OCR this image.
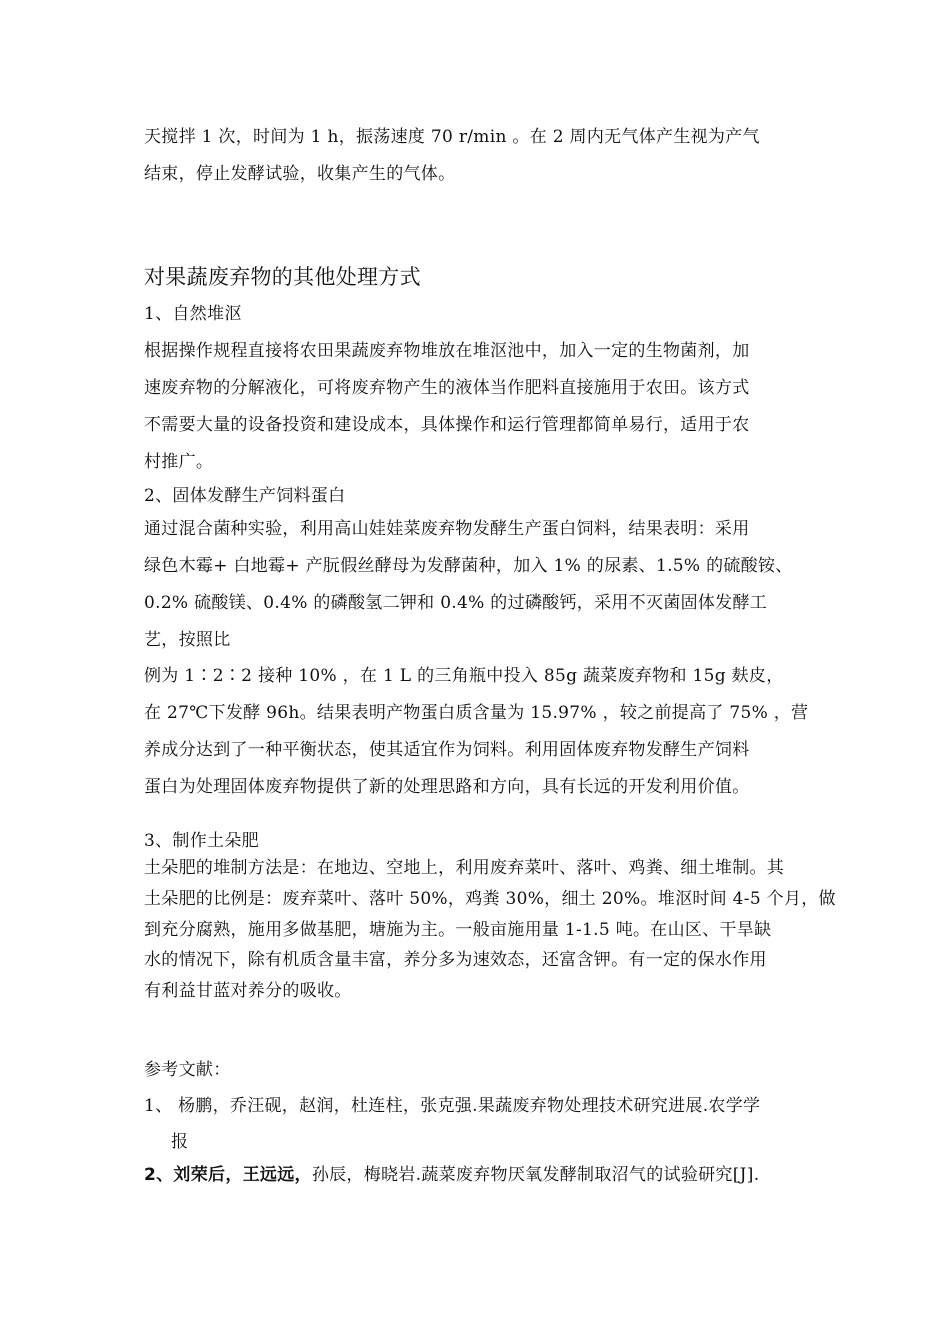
天搅拌 1 次，时间为 1 h，振荡速度 70 r/min 。在 2 周内无气体产生视为产气
结束，停止发酵试验，收集产生的气体。
对果蔬废弃物的其他处理方式
1、自然堆沤
根据操作规程直接将农田果蔬废弃物堆放在堆沤池中，加入一定的生物菌剂，加
速废弃物的分解液化，可将废弃物产生的液体当作肥料直接施用于农田。该方式
不需要大量的设备投资和建设成本，具体操作和运行管理都简单易行，适用于农
村推广。
2、固体发酵生产饲料蛋白
通过混合菌种实验，利用高山娃娃菜废弃物发酵生产蛋白饲料，结果表明：采用
绿色木霉+ 白地霉+ 产朊假丝酵母为发酵菌种，加入 1% 的尿素、1.5% 的硫酸铵、
0.2% 硫酸镁、0.4% 的磷酸氢二钾和 0.4% 的过磷酸钙，采用不灭菌固体发酵工
艺，按照比
例为 1∶2∶2 接种 10% ，在 1 L 的三角瓶中投入 85g 蔬菜废弃物和 15g 麸皮，
在 27℃下发酵 96h。结果表明产物蛋白质含量为 15.97% ，较之前提高了 75% ，营
养成分达到了一种平衡状态，使其适宜作为饲料。利用固体废弃物发酵生产饲料
蛋白为处理固体废弃物提供了新的处理思路和方向，具有长远的开发利用价值。
3、制作土朵肥
土朵肥的堆制方法是：在地边、空地上，利用废弃菜叶、落叶、鸡粪、细土堆制。其
土朵肥的比例是：废弃菜叶、落叶 50%，鸡粪 30%，细土 20%。堆沤时间 4-5 个月，做
到充分腐熟，施用多做基肥，塘施为主。一般亩施用量 1-1.5 吨。在山区、干旱缺
水的情况下，除有机质含量丰富，养分多为速效态，还富含钾。有一定的保水作用
有利益甘蓝对养分的吸收。
参考文献：
1、 杨鹏，乔汪砚，赵润，杜连柱，张克强.果蔬废弃物处理技术研究进展.农学学
报
2、刘荣后，王远远，孙辰，梅晓岩.蔬菜废弃物厌氧发酵制取沼气的试验研究[J].
